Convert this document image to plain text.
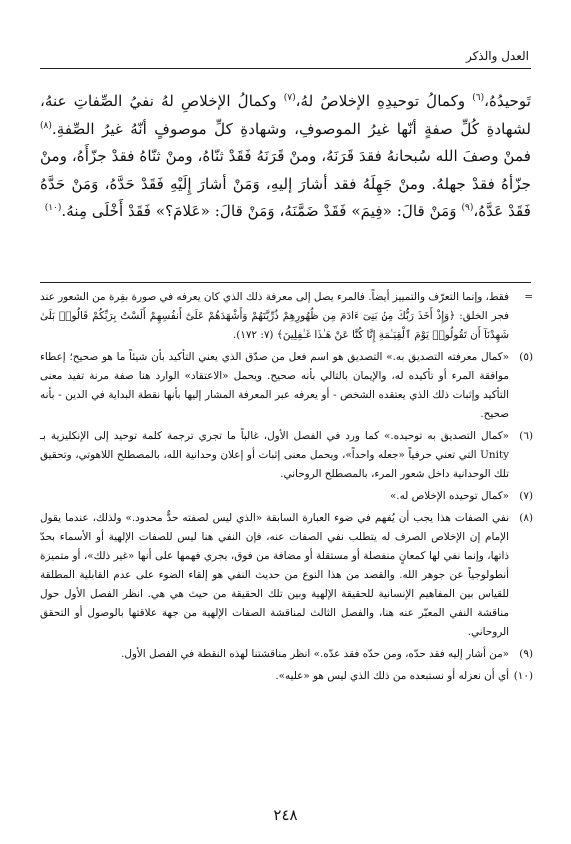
العدل والذكر

تَوحيدُهُ،$^{(٦)}$ وكمالُ توحيدِهِ الإخلاصُ لهُ،$^{(٧)}$ وكمالُ الإخلاصِ لهُ نفيُ الصِّفاتِ عنهُ، لشهادةِ كُلِّ صفةٍ أنّها غيرُ الموصوفِ، وشهادةِ كلِّ موصوفٍ أنّهُ غيرُ الصِّفةِ.$^{(٨)}$ فمنْ وصفَ الله سُبحانهُ فقدَ قَرَنَهُ، ومنْ قَرَنَهُ فَقَدْ ثنّاهُ، ومنْ ثنّاهُ فقدْ جزّأَهُ، ومنْ جزّأهُ فقدْ جهلهُ. ومنْ جَهِلَهُ فقد أشارَ إليهِ، وَمَنْ أشارَ إِلَيْهِ فَقَدْ حَدَّهُ، وَمَنْ حَدَّهُ فَقَدْ عَدَّهُ،$^{(٩)}$ وَمَنْ قالَ: «فِيمَ» فَقَدْ ضَمَّنَهُ، وَمَنْ قالَ: «عَلامَ؟» فَقَدْ أَخْلَى مِنهُ.$^{(١٠)}$

=
فقط، وإنما التعرّف والتمييز أيضاً. فالمرء يصل إلى معرفة ذلك الذي كان يعرفه في صورة بفِرة من الشعور عند فجر الخلق: ﴿وَإِذْ أَخَذَ رَبُّكَ مِنۢ بَنِىٓ ءَادَمَ مِن ظُهُورِهِمْ ذُرِّيَّتَهُمْ وَأَشْهَدَهُمْ عَلَىٰٓ أَنفُسِهِمْ أَلَسْتُ بِرَبِّكُمْ قَالُوا۟ بَلَىٰ شَهِدْنَآ أَن تَقُولُوا۟ يَوْمَ ٱلْقِيَـٰمَةِ إِنَّا كُنَّا عَنْ هَـٰذَا غَـٰفِلِينَ﴾ (٧: ١٧٢).
(٥)
«كمال معرفته التصديق به.» التصديق هو اسم فعل من صدّق الذي يعني التأكيد بأن شيئاً ما هو صحيح؛ إعطاء موافقة المرء أو تأكيده له، والإيمان بالتالي بأنه صحيح. ويحمل «الاعتقاد» الوارد هنا صفة مرنة تفيد معنى التأكيد وإثبات ذلك الذي يعتقده الشخص - أو يعرفه عبر المعرفة المشار إليها بأنها نقطة البداية في الدين - بأنه صحيح.
(٦)
«كمال التصديق به توحيده.» كما ورد في الفصل الأول، غالباً ما تجري ترجمة كلمة توحيد إلى الإنكليزية بـ Unity التي تعني حرفياً «جعله واحداً»، ويحمل معنى إثبات أو إعلان وحدانية الله، بالمصطلح اللاهوتي، وتحقيق تلك الوحدانية داخل شعور المرء، بالمصطلح الروحاني.
(٧)
«كمال توحيده الإخلاص له.»
(٨)
نفي الصفات هذا يجب أن يُفهم في ضوء العبارة السابقة «الذي ليس لصفته حدٌّ محدود.» ولذلك، عندما يقول الإمام إن الإخلاص الصرف له يتطلب نفي الصفات عنه، فإن النفي هنا ليس للصفات الإلهية أو الأسماء بحدّ ذاتها، وإنما نفي لها كمعانٍ منفصلة أو مستقلة أو مضافة من فوق، يجري فهمها على أنها «غير ذلك»، أو متميزة أنطولوجياً عن جوهر الله. والقصد من هذا النوع من حديث النفي هو إلقاء الضوء على عدم القابلية المطلقة للقياس بين المفاهيم الإنسانية للحقيقة الإلهية وبين تلك الحقيقة من حيث هي هي. انظر الفصل الأول حول مناقشة النفي المعبّر عنه هنا، والفصل الثالث لمناقشة الصفات الإلهية من جهة علاقتها بالوصول أو التحقق الروحاني.
(٩)
«من أشار إليه فقد حدّه، ومن حدّه فقد عدّه.» انظر مناقشتنا لهذه النقطة في الفصل الأول.
(١٠)
أي أن نعزله أو نستبعده من ذلك الذي ليس هو «عليه».
٢٤٨
